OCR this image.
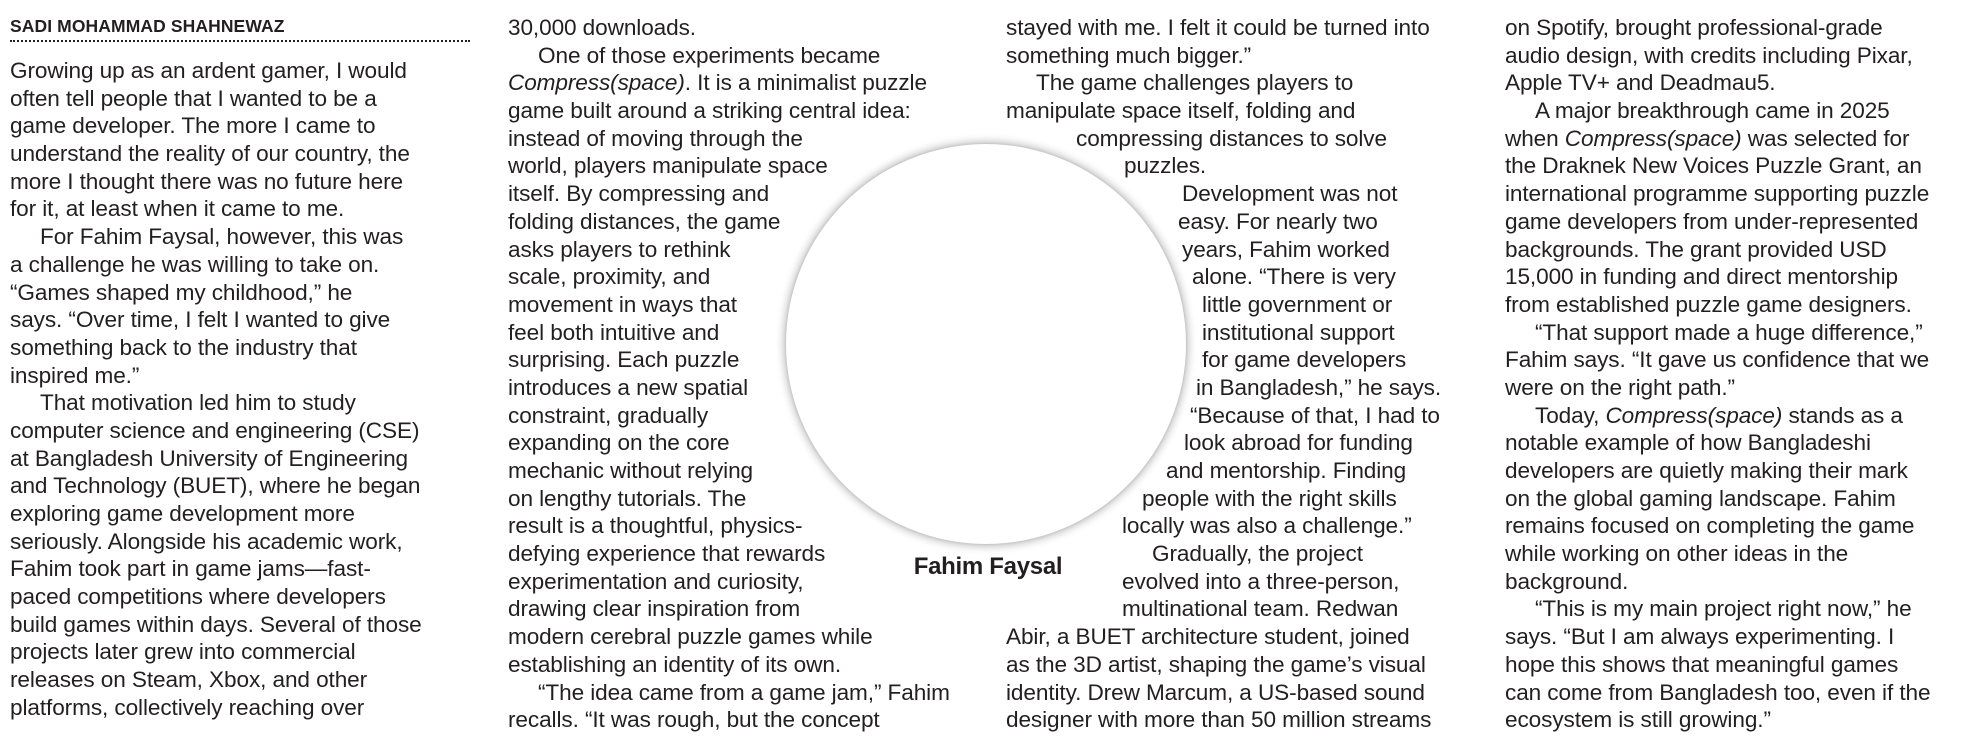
SADI MOHAMMAD SHAHNEWAZ
Growing up as an ardent gamer, I would
often tell people that I wanted to be a
game developer. The more I came to
understand the reality of our country, the
more I thought there was no future here
for it, at least when it came to me.
For Fahim Faysal, however, this was
a challenge he was willing to take on.
“Games shaped my childhood,” he
says. “Over time, I felt I wanted to give
something back to the industry that
inspired me.”
That motivation led him to study
computer science and engineering (CSE)
at Bangladesh University of Engineering
and Technology (BUET), where he began
exploring game development more
seriously. Alongside his academic work,
Fahim took part in game jams—fast-
paced competitions where developers
build games within days. Several of those
projects later grew into commercial
releases on Steam, Xbox, and other
platforms, collectively reaching over
30,000 downloads.
One of those experiments became
Compress(space). It is a minimalist puzzle
game built around a striking central idea:
instead of moving through the
world, players manipulate space
itself. By compressing and
folding distances, the game
asks players to rethink
scale, proximity, and
movement in ways that
feel both intuitive and
surprising. Each puzzle
introduces a new spatial
constraint, gradually
expanding on the core
mechanic without relying
on lengthy tutorials. The
result is a thoughtful, physics-
defying experience that rewards
experimentation and curiosity,
drawing clear inspiration from
modern cerebral puzzle games while
establishing an identity of its own.
“The idea came from a game jam,” Fahim
recalls. “It was rough, but the concept
stayed with me. I felt it could be turned into
something much bigger.”
The game challenges players to
manipulate space itself, folding and
compressing distances to solve
puzzles.
Development was not
easy. For nearly two
years, Fahim worked
alone. “There is very
little government or
institutional support
for game developers
in Bangladesh,” he says.
“Because of that, I had to
look abroad for funding
and mentorship. Finding
people with the right skills
locally was also a challenge.”
Gradually, the project
evolved into a three-person,
multinational team. Redwan
Abir, a BUET architecture student, joined
as the 3D artist, shaping the game’s visual
identity. Drew Marcum, a US-based sound
designer with more than 50 million streams
on Spotify, brought professional-grade
audio design, with credits including Pixar,
Apple TV+ and Deadmau5.
A major breakthrough came in 2025
when Compress(space) was selected for
the Draknek New Voices Puzzle Grant, an
international programme supporting puzzle
game developers from under-represented
backgrounds. The grant provided USD
15,000 in funding and direct mentorship
from established puzzle game designers.
“That support made a huge difference,”
Fahim says. “It gave us confidence that we
were on the right path.”
Today, Compress(space) stands as a
notable example of how Bangladeshi
developers are quietly making their mark
on the global gaming landscape. Fahim
remains focused on completing the game
while working on other ideas in the
background.
“This is my main project right now,” he
says. “But I am always experimenting. I
hope this shows that meaningful games
can come from Bangladesh too, even if the
ecosystem is still growing.”
Fahim Faysal
